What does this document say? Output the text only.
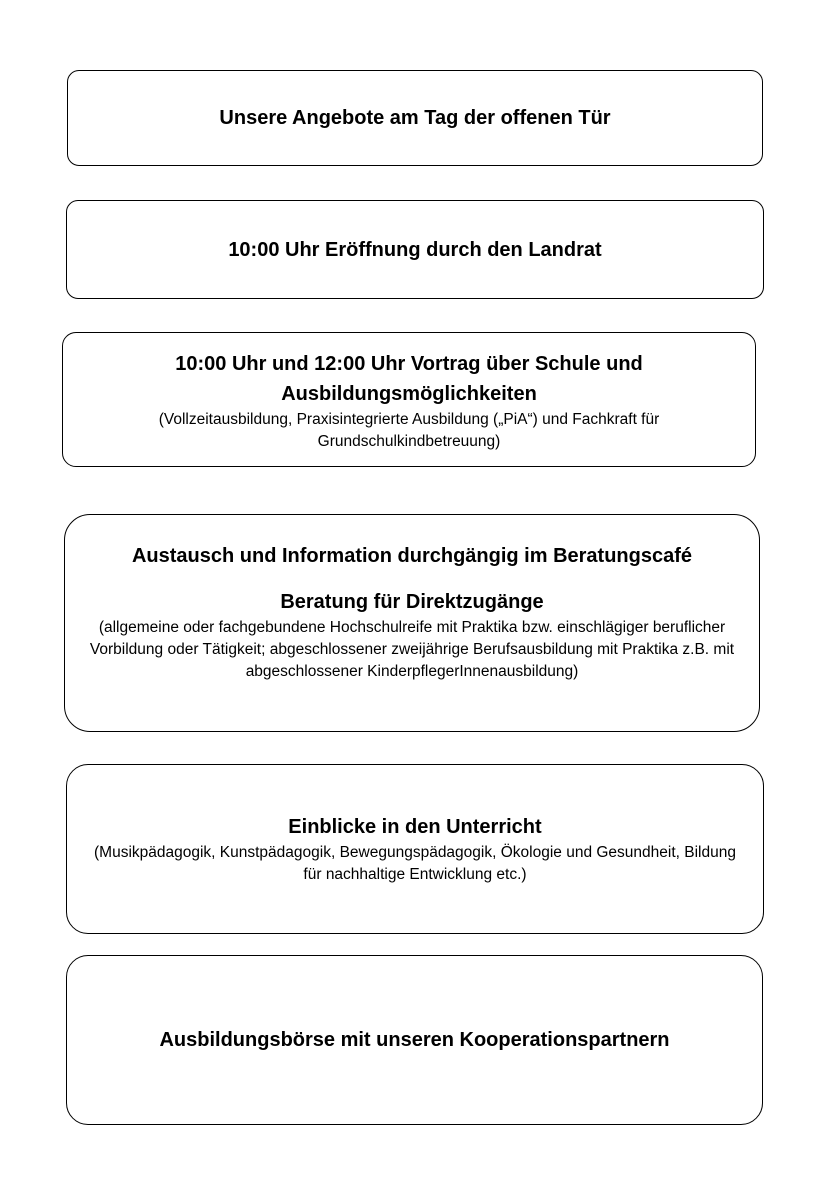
Unsere Angebote am Tag der offenen Tür

10:00 Uhr Eröffnung durch den Landrat

10:00 Uhr und 12:00 Uhr Vortrag über Schule und Ausbildungsmöglichkeiten

(Vollzeitausbildung, Praxisintegrierte Ausbildung („PiA“) und Fachkraft für Grundschulkindbetreuung)

Austausch und Information durchgängig im Beratungscafé

Beratung für Direktzugänge

(allgemeine oder fachgebundene Hochschulreife mit Praktika bzw. einschlägiger beruflicher Vorbildung oder Tätigkeit; abgeschlossener zweijährige Berufsausbildung mit Praktika z.B. mit abgeschlossener KinderpflegerInnenausbildung)

Einblicke in den Unterricht

(Musikpädagogik, Kunstpädagogik, Bewegungspädagogik, Ökologie und Gesundheit, Bildung für nachhaltige Entwicklung etc.)

Ausbildungsbörse mit unseren Kooperationspartnern
